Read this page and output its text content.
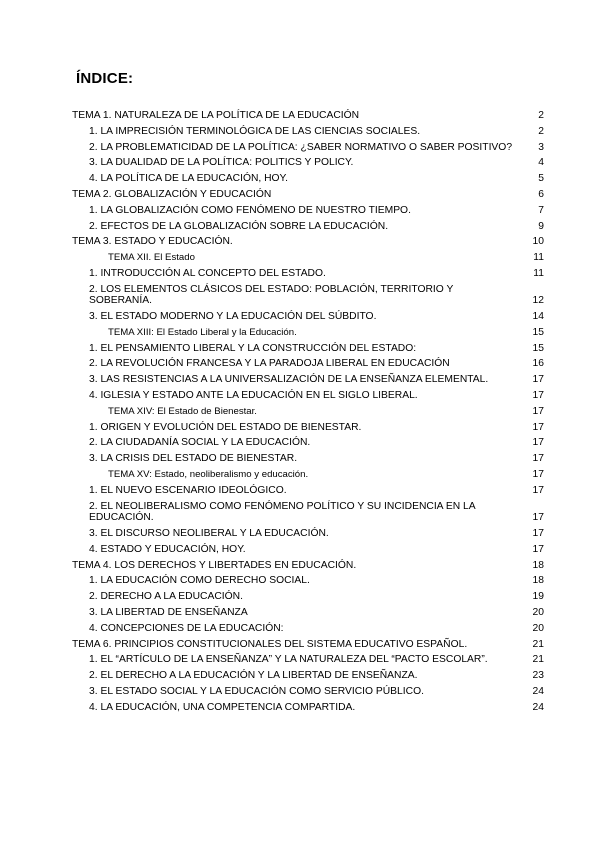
ÍNDICE:
TEMA 1. NATURALEZA DE LA POLÍTICA DE LA EDUCACIÓN	2
1. LA IMPRECISIÓN TERMINOLÓGICA DE LAS CIENCIAS SOCIALES.	2
2. LA PROBLEMATICIDAD DE LA POLÍTICA: ¿SABER NORMATIVO O SABER POSITIVO?	3
3. LA DUALIDAD DE LA POLÍTICA: POLITICS Y POLICY.	4
4. LA POLÍTICA DE LA EDUCACIÓN, HOY.	5
TEMA 2. GLOBALIZACIÓN Y EDUCACIÓN	6
1. LA GLOBALIZACIÓN COMO FENÓMENO DE NUESTRO TIEMPO.	7
2. EFECTOS DE LA GLOBALIZACIÓN SOBRE LA EDUCACIÓN.	9
TEMA 3. ESTADO Y EDUCACIÓN.	10
TEMA XII. El Estado	11
1. INTRODUCCIÓN AL CONCEPTO DEL ESTADO.	11
2. LOS ELEMENTOS CLÁSICOS DEL ESTADO: POBLACIÓN, TERRITORIO Y SOBERANÍA.	12
3. EL ESTADO MODERNO Y LA EDUCACIÓN DEL SÚBDITO.	14
TEMA XIII: El Estado Liberal y la Educación.	15
1. EL PENSAMIENTO LIBERAL Y LA CONSTRUCCIÓN DEL ESTADO:	15
2. LA REVOLUCIÓN FRANCESA Y LA PARADOJA LIBERAL EN EDUCACIÓN	16
3. LAS RESISTENCIAS A LA UNIVERSALIZACIÓN DE LA ENSEÑANZA ELEMENTAL.	17
4. IGLESIA Y ESTADO ANTE LA EDUCACIÓN EN EL SIGLO LIBERAL.	17
TEMA XIV: El Estado de Bienestar.	17
1. ORIGEN Y EVOLUCIÓN DEL ESTADO DE BIENESTAR.	17
2. LA CIUDADANÍA SOCIAL Y LA EDUCACIÓN.	17
3. LA CRISIS DEL ESTADO DE BIENESTAR.	17
TEMA XV: Estado, neoliberalismo y educación.	17
1. EL NUEVO ESCENARIO IDEOLÓGICO.	17
2. EL NEOLIBERALISMO COMO FENÓMENO POLÍTICO Y SU INCIDENCIA EN LA EDUCACIÓN.	17
3. EL DISCURSO NEOLIBERAL Y LA EDUCACIÓN.	17
4. ESTADO Y EDUCACIÓN, HOY.	17
TEMA 4. LOS DERECHOS Y LIBERTADES EN EDUCACIÓN.	18
1. LA EDUCACIÓN COMO DERECHO SOCIAL.	18
2. DERECHO A LA EDUCACIÓN.	19
3. LA LIBERTAD DE ENSEÑANZA	20
4. CONCEPCIONES DE LA EDUCACIÓN:	20
TEMA 6. PRINCIPIOS CONSTITUCIONALES DEL SISTEMA EDUCATIVO ESPAÑOL.	21
1. EL “ARTÍCULO DE LA ENSEÑANZA” Y LA NATURALEZA DEL “PACTO ESCOLAR”.	21
2. EL DERECHO A LA EDUCACIÓN Y LA LIBERTAD DE ENSEÑANZA.	23
3. EL ESTADO SOCIAL Y LA EDUCACIÓN COMO SERVICIO PÚBLICO.	24
4. LA EDUCACIÓN, UNA COMPETENCIA COMPARTIDA.	24
